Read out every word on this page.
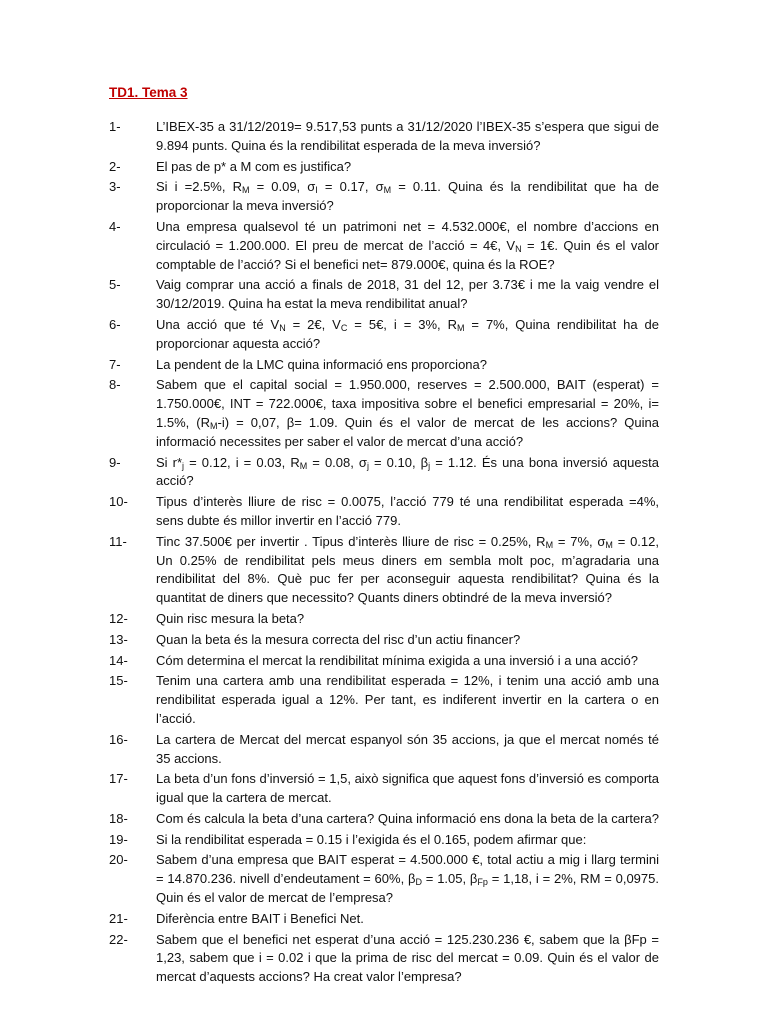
TD1. Tema 3
1-	L’IBEX-35 a 31/12/2019= 9.517,53 punts a 31/12/2020 l’IBEX-35 s’espera que sigui de 9.894 punts. Quina és la rendibilitat esperada de la meva inversió?
2-	El pas de p* a M com es justifica?
3-	Si i =2.5%, $R_M = 0.09$, $\sigma_I = 0.17$, $\sigma_M = 0.11$. Quina és la rendibilitat que ha de proporcionar la meva inversió?
4-	Una empresa qualsevol té un patrimoni net = 4.532.000€, el nombre d’accions en circulació = 1.200.000. El preu de mercat de l’acció = 4€, $V_N$ = 1€. Quin és el valor comptable de l’acció? Si el benefici net= 879.000€, quina és la ROE?
5-	Vaig comprar una acció a finals de 2018, 31 del 12, per 3.73€ i me la vaig vendre el 30/12/2019. Quina ha estat la meva rendibilitat anual?
6-	Una acció que té $V_N$ = 2€, $V_C$ = 5€, i = 3%, $R_M = 7\%$, Quina rendibilitat ha de proporcionar aquesta acció?
7-	La pendent de la LMC quina informació ens proporciona?
8-	Sabem que el capital social = 1.950.000, reserves = 2.500.000, BAIT (esperat) = 1.750.000€, INT = 722.000€, taxa impositiva sobre el benefici empresarial = 20%, i= 1.5%, $(R_M-i) = 0,07$, β= 1.09. Quin és el valor de mercat de les accions? Quina informació necessites per saber el valor de mercat d’una acció?
9-	Si $r*_j = 0.12$, i = 0.03, $R_M = 0.08$, $\sigma_j = 0.10$, $\beta_j = 1.12$. És una bona inversió aquesta acció?
10-	Tipus d’interès lliure de risc = 0.0075, l’acció 779 té una rendibilitat esperada =4%, sens dubte és millor invertir en l’acció 779.
11-	Tinc 37.500€ per invertir . Tipus d’interès lliure de risc = 0.25%, $R_M = 7\%$, $\sigma_M = 0.12$, Un 0.25% de rendibilitat pels meus diners em sembla molt poc, m’agradaria una rendibilitat del 8%. Què puc fer per aconseguir aquesta rendibilitat? Quina és la quantitat de diners que necessito? Quants diners obtindré de la meva inversió?
12-	Quin risc mesura la beta?
13-	Quan la beta és la mesura correcta del risc d’un actiu financer?
14-	Cóm determina el mercat la rendibilitat mínima exigida a una inversió i a una acció?
15-	Tenim una cartera amb una rendibilitat esperada = 12%, i tenim una acció amb una rendibilitat esperada igual a 12%. Per tant, es indiferent invertir en la cartera o en l’acció.
16-	La cartera de Mercat del mercat espanyol són 35 accions, ja que el mercat només té 35 accions.
17-	La beta d’un fons d’inversió = 1,5, això significa que aquest fons d’inversió es comporta igual que la cartera de mercat.
18-	Com és calcula la beta d’una cartera? Quina informació ens dona la beta de la cartera?
19-	Si la rendibilitat esperada = 0.15 i l’exigida és el 0.165, podem afirmar que:
20-	Sabem d’una empresa que BAIT esperat = 4.500.000 €, total actiu a mig i llarg termini = 14.870.236. nivell d’endeutament = 60%, $\beta_D = 1.05$, $\beta_{Fp} = 1,18$, i = 2%, RM = 0,0975. Quin és el valor de mercat de l’empresa?
21-	Diferència entre BAIT i Benefici Net.
22-	Sabem que el benefici net esperat d’una acció = 125.230.236 €, sabem que la βFp = 1,23, sabem que i = 0.02 i que la prima de risc del mercat = 0.09. Quin és el valor de mercat d’aquests accions? Ha creat valor l’empresa?
